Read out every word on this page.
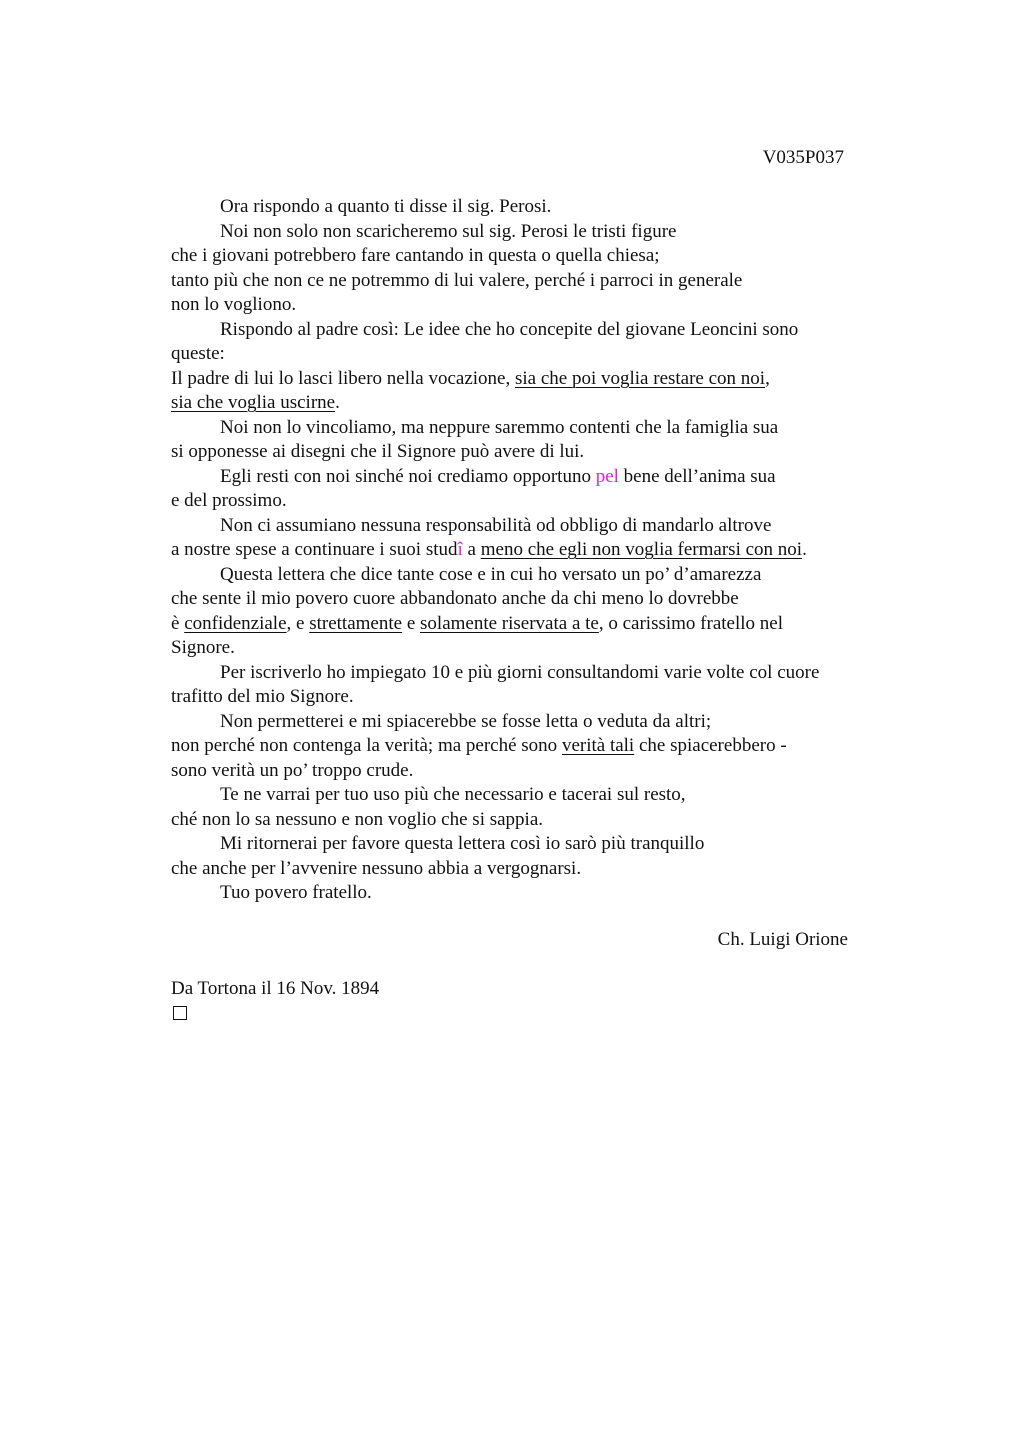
V035P037
Ora rispondo a quanto ti disse il sig. Perosi.
Noi non solo non scaricheremo sul sig. Perosi le tristi figure
che i giovani potrebbero fare cantando in questa o quella chiesa;
tanto più che non ce ne potremmo di lui valere, perché i parroci in generale
non lo vogliono.
Rispondo al padre così: Le idee che ho concepite del giovane Leoncini sono
queste:
Il padre di lui lo lasci libero nella vocazione, sia che poi voglia restare con noi,
sia che voglia uscirne.
Noi non lo vincoliamo, ma neppure saremmo contenti che la famiglia sua
si opponesse ai disegni che il Signore può avere di lui.
Egli resti con noi sinché noi crediamo opportuno pel bene dell’anima sua
e del prossimo.
Non ci assumiano nessuna responsabilità od obbligo di mandarlo altrove
a nostre spese a continuare i suoi studî a meno che egli non voglia fermarsi con noi.
Questa lettera che dice tante cose e in cui ho versato un po’ d’amarezza
che sente il mio povero cuore abbandonato anche da chi meno lo dovrebbe
è confidenziale, e strettamente e solamente riservata a te, o carissimo fratello nel
Signore.
Per iscriverlo ho impiegato 10 e più giorni consultandomi varie volte col cuore
trafitto del mio Signore.
Non permetterei e mi spiacerebbe se fosse letta o veduta da altri;
non perché non contenga la verità; ma perché sono verità tali che spiacerebbero -
sono verità un po’ troppo crude.
Te ne varrai per tuo uso più che necessario e tacerai sul resto,
ché non lo sa nessuno e non voglio che si sappia.
Mi ritornerai per favore questa lettera così io sarò più tranquillo
che anche per l’avvenire nessuno abbia a vergognarsi.
Tuo povero fratello.
Ch. Luigi Orione
Da Tortona il 16 Nov. 1894
